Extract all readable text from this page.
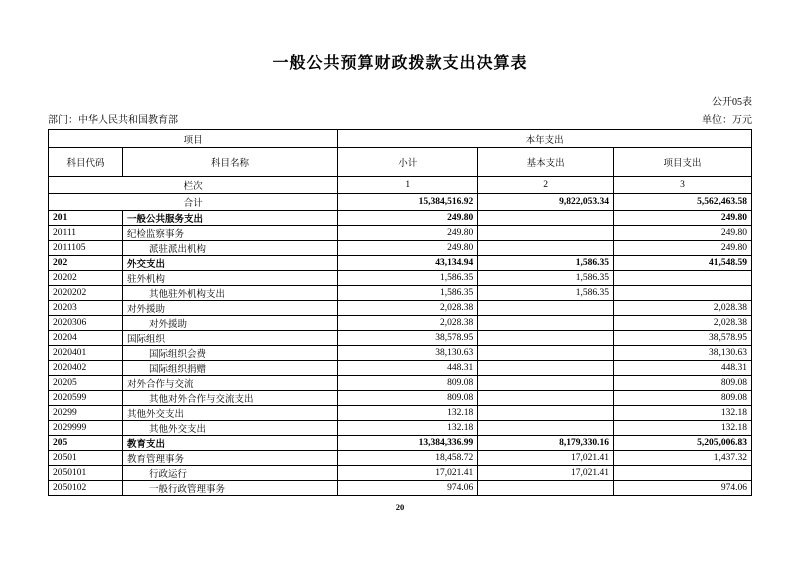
一般公共预算财政拨款支出决算表
公开05表
部门：中华人民共和国教育部	单位：万元
项目		本年支出		
科目代码	科目名称	小计	基本支出	项目支出
栏次		1	2	3
合计		15,384,516.92	9,822,053.34	5,562,463.58
201	一般公共服务支出	249.80		249.80
20111	纪检监察事务	249.80		249.80
2011105	派驻派出机构	249.80		249.80
202	外交支出	43,134.94	1,586.35	41,548.59
20202	驻外机构	1,586.35	1,586.35	
2020202	其他驻外机构支出	1,586.35	1,586.35	
20203	对外援助	2,028.38		2,028.38
2020306	对外援助	2,028.38		2,028.38
20204	国际组织	38,578.95		38,578.95
2020401	国际组织会费	38,130.63		38,130.63
2020402	国际组织捐赠	448.31		448.31
20205	对外合作与交流	809.08		809.08
2020599	其他对外合作与交流支出	809.08		809.08
20299	其他外交支出	132.18		132.18
2029999	其他外交支出	132.18		132.18
205	教育支出	13,384,336.99	8,179,330.16	5,205,006.83
20501	教育管理事务	18,458.72	17,021.41	1,437.32
2050101	行政运行	17,021.41	17,021.41	
2050102	一般行政管理事务	974.06		974.06
20
